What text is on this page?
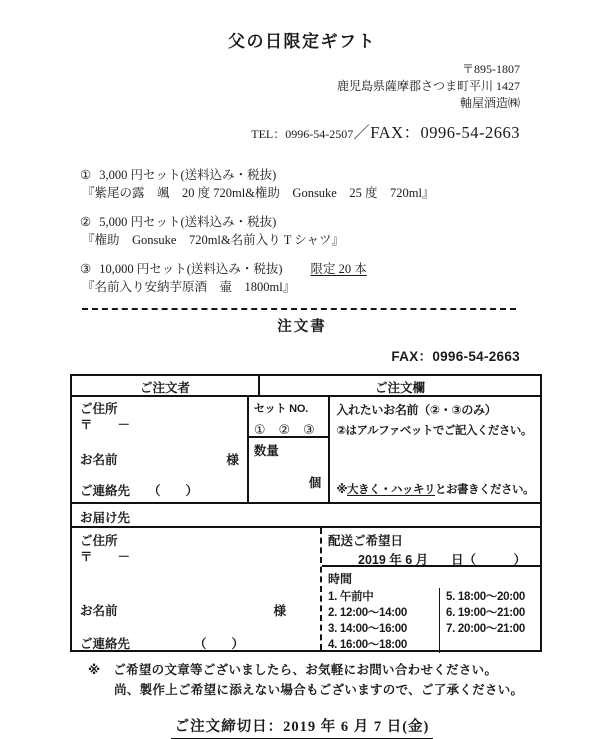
父の日限定ギフト
〒895-1807
鹿児島県薩摩郡さつま町平川 1427
軸屋酒造㈱
TEL：0996-54-2507／FAX：0996-54-2663
① 3,000 円セット(送料込み・税抜)
『紫尾の露　颯　20 度 720ml&権助　Gonsuke　25 度　720ml』
② 5,000 円セット(送料込み・税抜)
『権助　Gonsuke　720ml&名前入り T シャツ』
③ 10,000 円セット(送料込み・税抜) 限定 20 本
『名前入り安納芋原酒　壷　1800ml』
注文書
FAX：0996-54-2663
ご注文者	ご注文欄
ご住所
〒　　－
お名前	様
ご連絡先 （　　）
セット NO.
①　②　③
数量
個
入れたいお名前（②・③のみ）
②はアルファベットでご記入ください。
※大きく・ハッキリとお書きください。
お届け先
ご住所
〒　　－
お名前	様
ご連絡先	（　　）
配送ご希望日
2019 年 6 月 日（　　　）
時間
1. 午前中
2. 12:00～14:00
3. 14:00～16:00
4. 16:00～18:00
5. 18:00～20:00
6. 19:00～21:00
7. 20:00～21:00
※　ご希望の文章等ございましたら、お気軽にお問い合わせください。
尚、製作上ご希望に添えない場合もございますので、ご了承ください。
ご注文締切日：2019 年 6 月 7 日(金)
